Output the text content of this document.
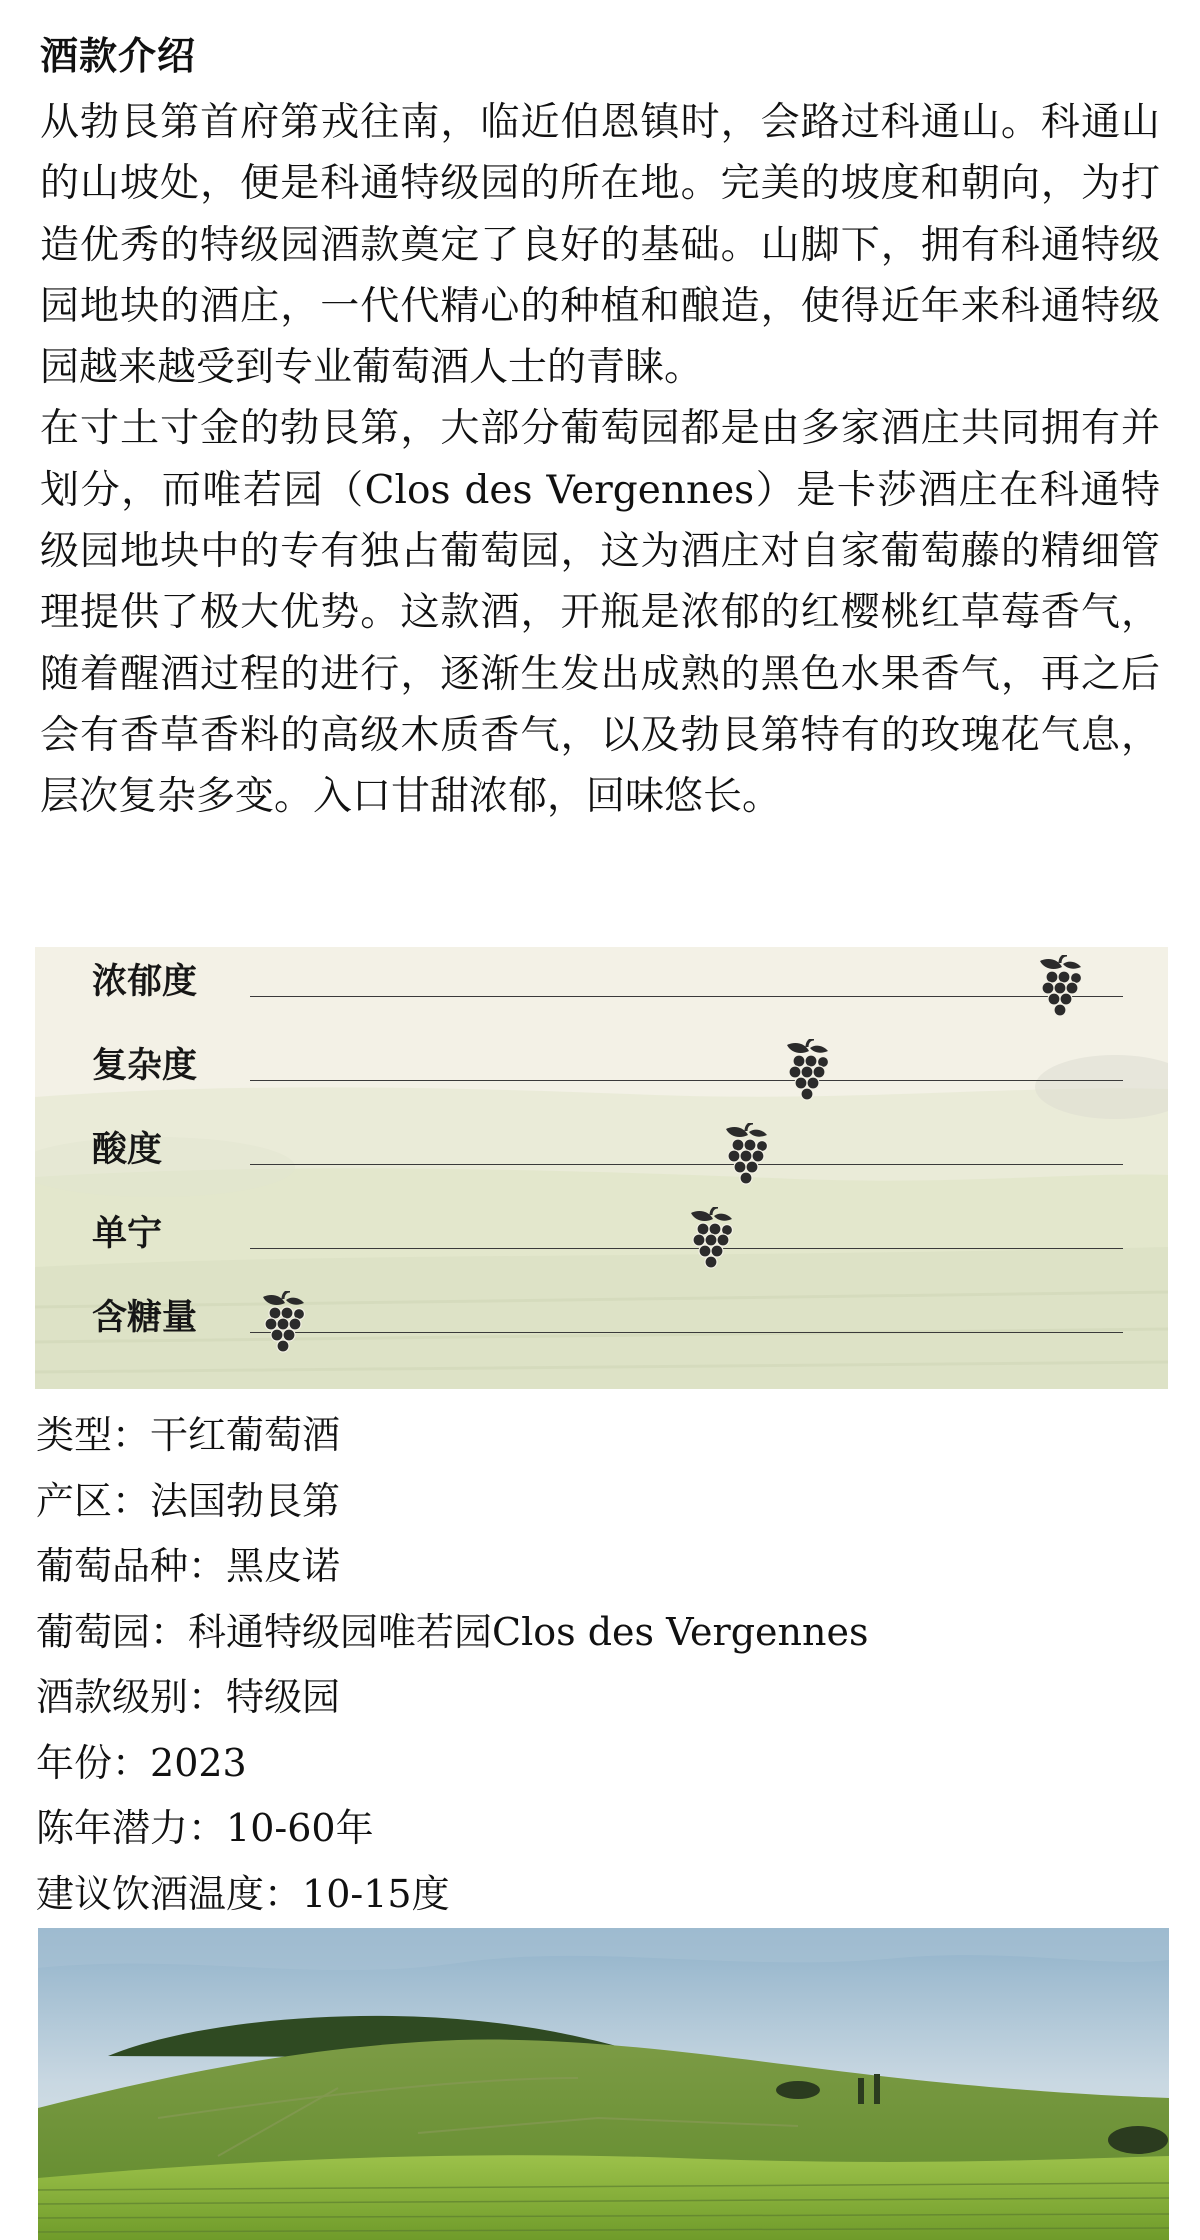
酒款介绍

从勃艮第首府第戎往南，临近伯恩镇时，会路过科通山。科通山的山坡处，便是科通特级园的所在地。完美的坡度和朝向，为打造优秀的特级园酒款奠定了良好的基础。山脚下，拥有科通特级园地块的酒庄，一代代精心的种植和酿造，使得近年来科通特级园越来越受到专业葡萄酒人士的青睐。

在寸土寸金的勃艮第，大部分葡萄园都是由多家酒庄共同拥有并划分，而唯若园（Clos des Vergennes）是卡莎酒庄在科通特级园地块中的专有独占葡萄园，这为酒庄对自家葡萄藤的精细管理提供了极大优势。这款酒，开瓶是浓郁的红樱桃红草莓香气，随着醒酒过程的进行，逐渐生发出成熟的黑色水果香气，再之后会有香草香料的高级木质香气，以及勃艮第特有的玫瑰花气息，层次复杂多变。入口甘甜浓郁，回味悠长。

浓郁度
复杂度
酸度
单宁
含糖量
类型：干红葡萄酒
产区：法国勃艮第
葡萄品种：黑皮诺
葡萄园：科通特级园唯若园Clos des Vergennes
酒款级别：特级园
年份：2023
陈年潜力：10-60年
建议饮酒温度：10-15度
